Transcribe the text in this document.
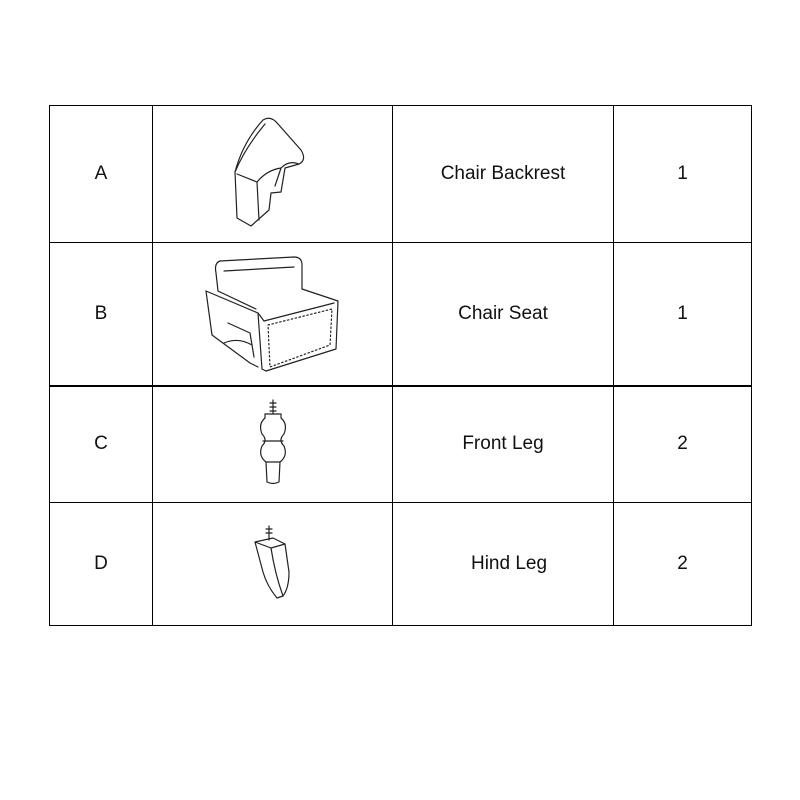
A		Chair Backrest	1
B		Chair Seat	1
C		Front Leg	2
D		Hind Leg	2
